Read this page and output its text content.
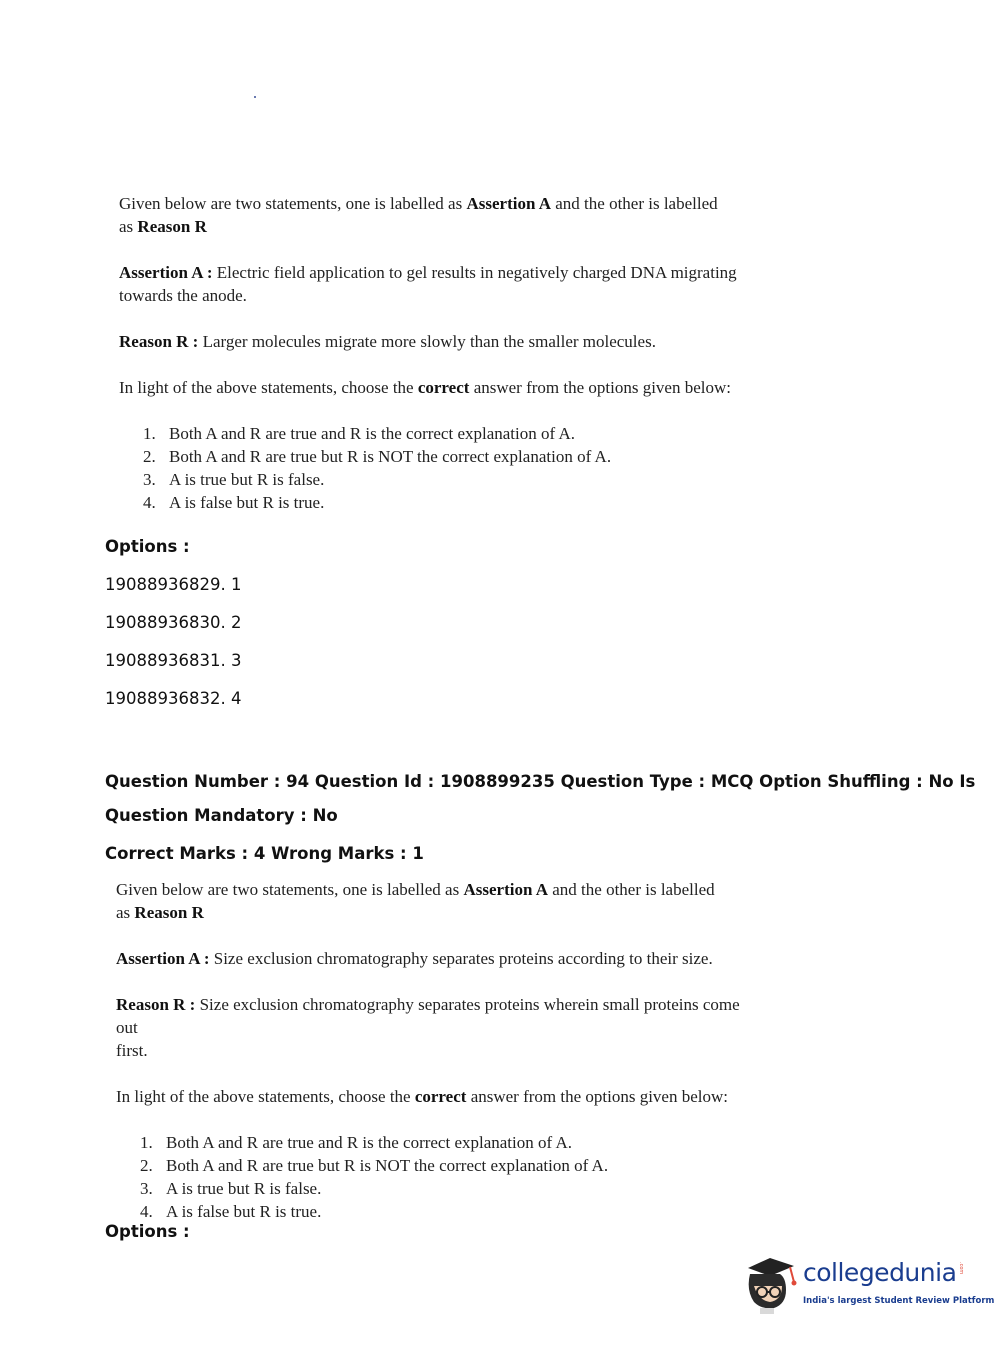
Given below are two statements, one is labelled as Assertion A and the other is labelled
as Reason R

Assertion A : Electric field application to gel results in negatively charged DNA migrating
towards the anode.

Reason R : Larger molecules migrate more slowly than the smaller molecules.

In light of the above statements, choose the correct answer from the options given below:

1. Both A and R are true and R is the correct explanation of A.
2. Both A and R are true but R is NOT the correct explanation of A.
3. A is true but R is false.
4. A is false but R is true.
Options :
19088936829. 1
19088936830. 2
19088936831. 3
19088936832. 4
Question Number : 94 Question Id : 1908899235 Question Type : MCQ Option Shuffling : No Is
Question Mandatory : No
Correct Marks : 4 Wrong Marks : 1

Given below are two statements, one is labelled as Assertion A and the other is labelled
as Reason R

Assertion A : Size exclusion chromatography separates proteins according to their size.

Reason R : Size exclusion chromatography separates proteins wherein small proteins come out
first.

In light of the above statements, choose the correct answer from the options given below:

1. Both A and R are true and R is the correct explanation of A.
2. Both A and R are true but R is NOT the correct explanation of A.
3. A is true but R is false.
4. A is false but R is true.
Options :
collegedunia .com
India's largest Student Review Platform
